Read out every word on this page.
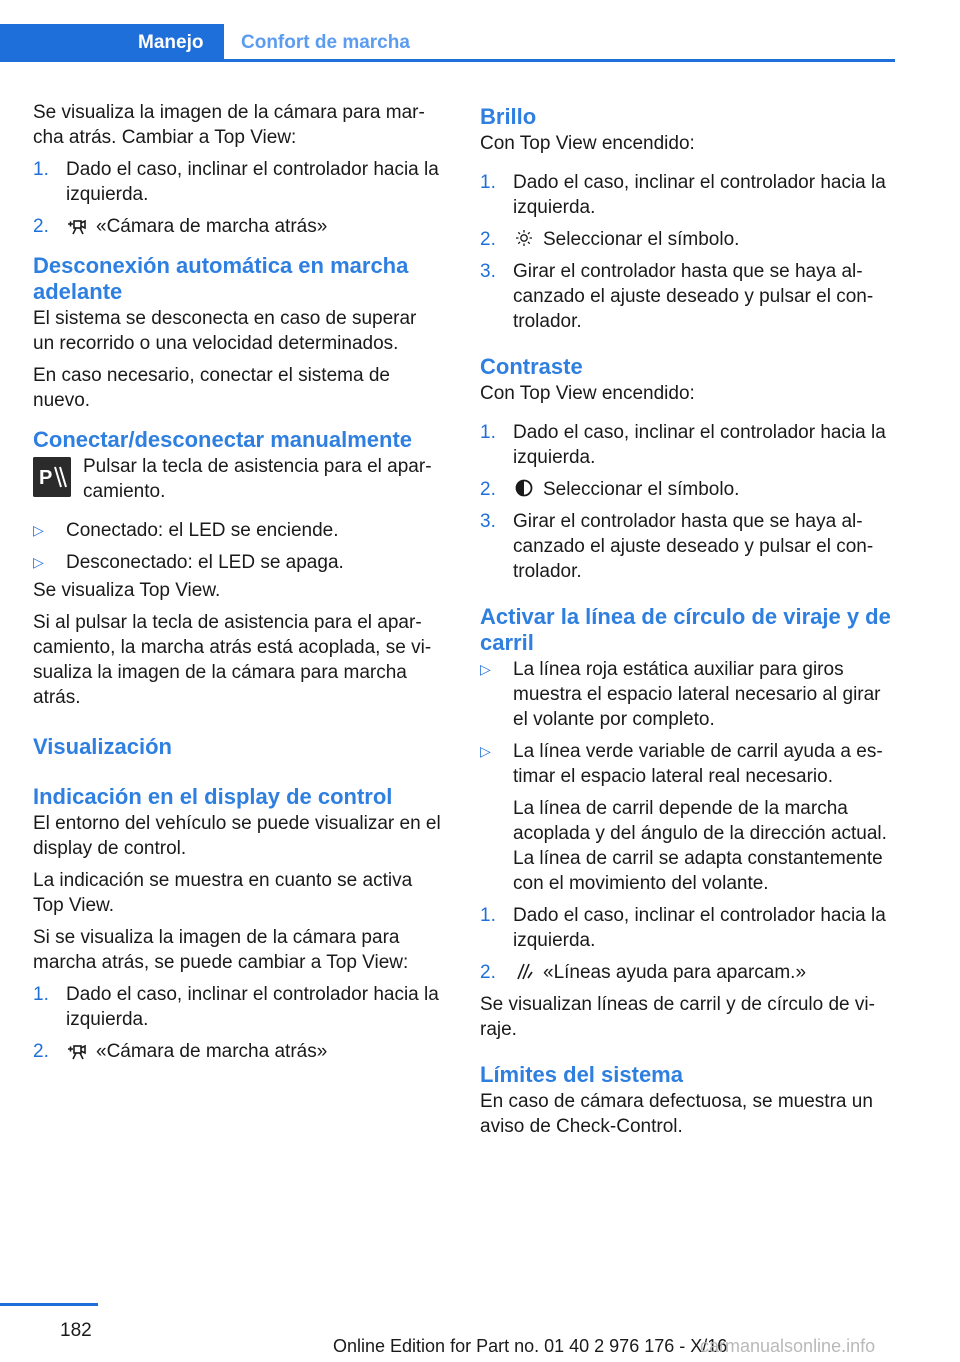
Manejo	Confort de marcha

Se visualiza la imagen de la cámara para marcha atrás. Cambiar a Top View:

1. Dado el caso, inclinar el controlador hacia la izquierda.
2. «Cámara de marcha atrás»
Desconexión automática en marcha adelante

El sistema se desconecta en caso de superar un recorrido o una velocidad determinados.

En caso necesario, conectar el sistema de nuevo.

Conectar/desconectar manualmente
P
Pulsar la tecla de asistencia para el aparcamiento.
▷ Conectado: el LED se enciende.
▷ Desconectado: el LED se apaga.

Se visualiza Top View.

Si al pulsar la tecla de asistencia para el aparcamiento, la marcha atrás está acoplada, se visualiza la imagen de la cámara para marcha atrás.

Visualización
Indicación en el display de control

El entorno del vehículo se puede visualizar en el display de control.

La indicación se muestra en cuanto se activa Top View.

Si se visualiza la imagen de la cámara para marcha atrás, se puede cambiar a Top View:

1. Dado el caso, inclinar el controlador hacia la izquierda.
2. «Cámara de marcha atrás»
Brillo

Con Top View encendido:

1. Dado el caso, inclinar el controlador hacia la izquierda.
2. Seleccionar el símbolo.
3. Girar el controlador hasta que se haya alcanzado el ajuste deseado y pulsar el controlador.
Contraste

Con Top View encendido:

1. Dado el caso, inclinar el controlador hacia la izquierda.
2. Seleccionar el símbolo.
3. Girar el controlador hasta que se haya alcanzado el ajuste deseado y pulsar el controlador.
Activar la línea de círculo de viraje y de carril
▷ La línea roja estática auxiliar para giros muestra el espacio lateral necesario al girar el volante por completo.
▷ La línea verde variable de carril ayuda a estimar el espacio lateral real necesario.
La línea de carril depende de la marcha acoplada y del ángulo de la dirección actual. La línea de carril se adapta constantemente con el movimiento del volante.
1. Dado el caso, inclinar el controlador hacia la izquierda.
2. «Líneas ayuda para aparcam.»

Se visualizan líneas de carril y de círculo de viraje.

Límites del sistema

En caso de cámara defectuosa, se muestra un aviso de Check-Control.

182
Online Edition for Part no. 01 40 2 976 176 - X/16
carmanualsonline.info
